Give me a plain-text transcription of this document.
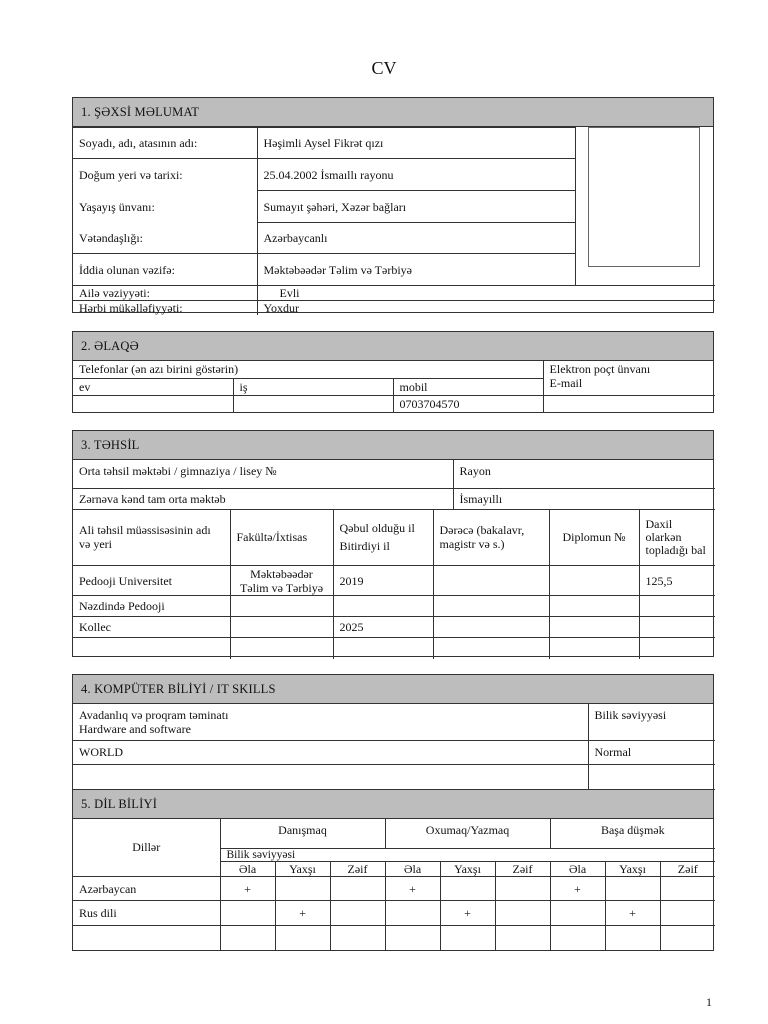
CV
1. ŞƏXSİ MƏLUMAT
Soyadı, adı, atasının adı:	Həşimli Aysel Fikrət qızı	
Doğum yeri və tarixi:	25.04.2002 İsmaıllı rayonu	
Yaşayış ünvanı:	Sumayıt şəhəri, Xəzər bağları	
Vətəndaşlığı:	Azərbaycanlı	
İddia olunan vəzifə:	Məktəbəədər Təlim və Tərbiyə	
Ailə vəziyyəti:	Evli	
Hərbi mükəlləfiyyəti:	Yoxdur	
2. ƏLAQƏ
Telefonlar (ən azı birini göstərin)			Elektron poçt ünvanı
E-mail

ev	iş	mobil	
		0703704570	
3. TƏHSİL
Orta təhsil məktəbi / gimnaziya / lisey №	Rayon
Zərnəva kənd tam orta məktəb	İsmayıllı
Ali təhsil müəssisəsinin adı və yeri	Fakültə/İxtisas	Qəbul olduğu il Bitirdiyi il	Dərəcə (bakalavr, magistr və s.)	Diplomun №	Daxil olarkən topladığı bal
Pedooji Universitet	Məktəbəədər Təlim və Tərbiyə	2019			125,5
Nəzdində Pedooji					
Kollec		2025			

4. KOMPÜTER BİLİYİ / IT SKILLS
Avadanlıq və proqram təminatı
Hardware and software	Bilik səviyyəsi
WORLD	Normal

5. DİL BİLİYİ
Dillər	Danışmaq			Oxumaq/Yazmaq			Başa düşmək		
	Bilik səviyyəsi								
	Əla	Yaxşı	Zəif	Əla	Yaxşı	Zəif	Əla	Yaxşı	Zəif
Azərbaycan	+			+			+		
Rus dili		+			+			+	

1
